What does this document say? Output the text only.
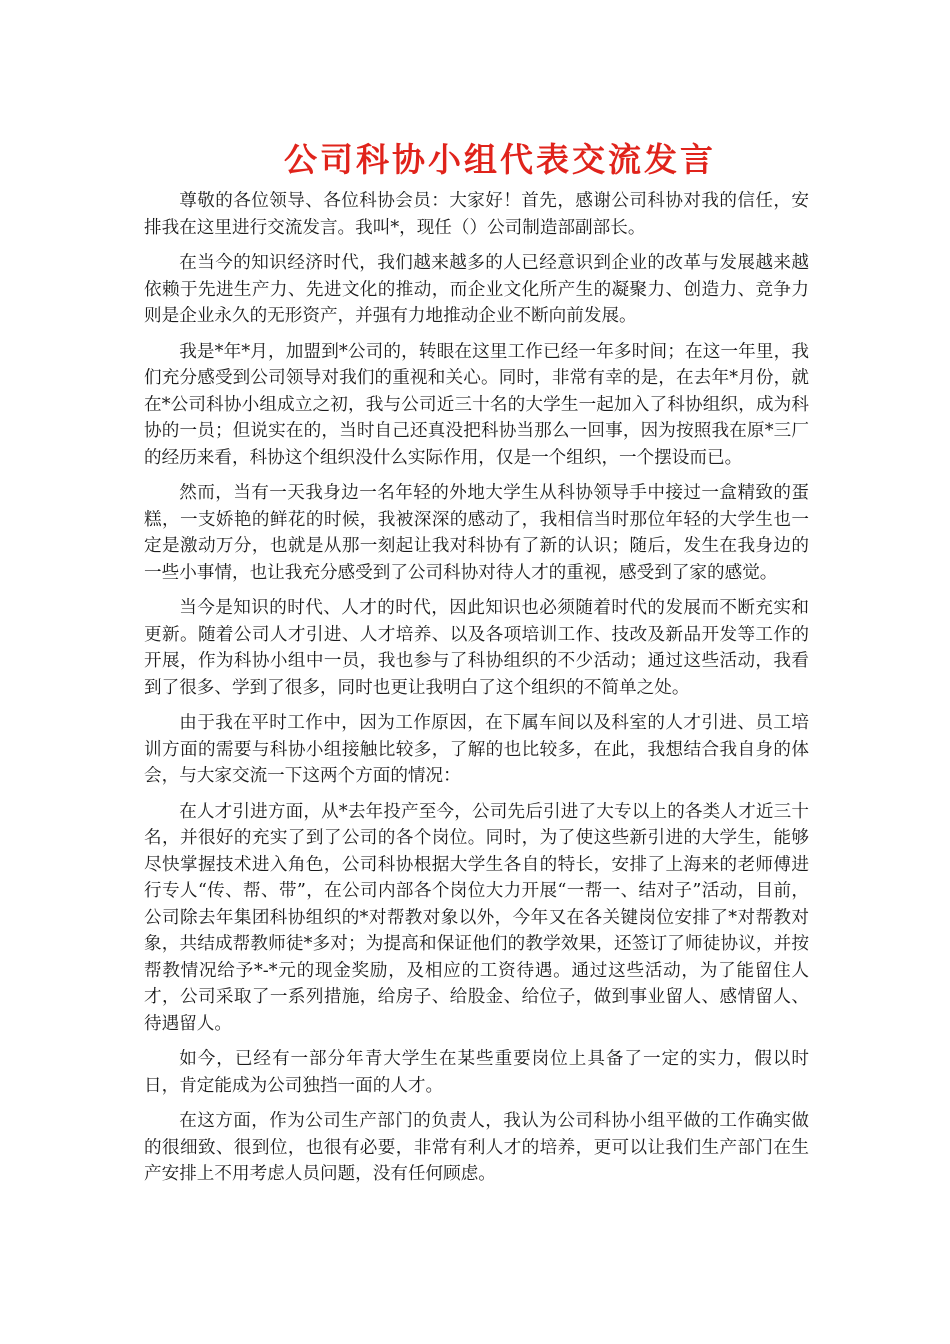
公司科协小组代表交流发言

尊敬的各位领导、各位科协会员：大家好！首先，感谢公司科协对我的信任，安排我在这里进行交流发言。我叫*，现任（）公司制造部副部长。

在当今的知识经济时代，我们越来越多的人已经意识到企业的改革与发展越来越依赖于先进生产力、先进文化的推动，而企业文化所产生的凝聚力、创造力、竞争力则是企业永久的无形资产，并强有力地推动企业不断向前发展。

我是*年*月，加盟到*公司的，转眼在这里工作已经一年多时间；在这一年里，我们充分感受到公司领导对我们的重视和关心。同时，非常有幸的是，在去年*月份，就在*公司科协小组成立之初，我与公司近三十名的大学生一起加入了科协组织，成为科协的一员；但说实在的，当时自己还真没把科协当那么一回事，因为按照我在原*三厂的经历来看，科协这个组织没什么实际作用，仅是一个组织，一个摆设而已。

然而，当有一天我身边一名年轻的外地大学生从科协领导手中接过一盒精致的蛋糕，一支娇艳的鲜花的时候，我被深深的感动了，我相信当时那位年轻的大学生也一定是激动万分，也就是从那一刻起让我对科协有了新的认识；随后，发生在我身边的一些小事情，也让我充分感受到了公司科协对待人才的重视，感受到了家的感觉。

当今是知识的时代、人才的时代，因此知识也必须随着时代的发展而不断充实和更新。随着公司人才引进、人才培养、以及各项培训工作、技改及新品开发等工作的开展，作为科协小组中一员，我也参与了科协组织的不少活动；通过这些活动，我看到了很多、学到了很多，同时也更让我明白了这个组织的不简单之处。

由于我在平时工作中，因为工作原因，在下属车间以及科室的人才引进、员工培训方面的需要与科协小组接触比较多，了解的也比较多，在此，我想结合我自身的体会，与大家交流一下这两个方面的情况：

在人才引进方面，从*去年投产至今，公司先后引进了大专以上的各类人才近三十名，并很好的充实了到了公司的各个岗位。同时，为了使这些新引进的大学生，能够尽快掌握技术进入角色，公司科协根据大学生各自的特长，安排了上海来的老师傅进行专人“传、帮、带”，在公司内部各个岗位大力开展“一帮一、结对子”活动，目前，公司除去年集团科协组织的*对帮教对象以外，今年又在各关键岗位安排了*对帮教对象，共结成帮教师徒*多对；为提高和保证他们的教学效果，还签订了师徒协议，并按帮教情况给予*-*元的现金奖励，及相应的工资待遇。通过这些活动，为了能留住人才，公司采取了一系列措施，给房子、给股金、给位子，做到事业留人、感情留人、待遇留人。

如今，已经有一部分年青大学生在某些重要岗位上具备了一定的实力，假以时日，肯定能成为公司独挡一面的人才。

在这方面，作为公司生产部门的负责人，我认为公司科协小组平做的工作确实做的很细致、很到位，也很有必要，非常有利人才的培养，更可以让我们生产部门在生产安排上不用考虑人员问题，没有任何顾虑。
